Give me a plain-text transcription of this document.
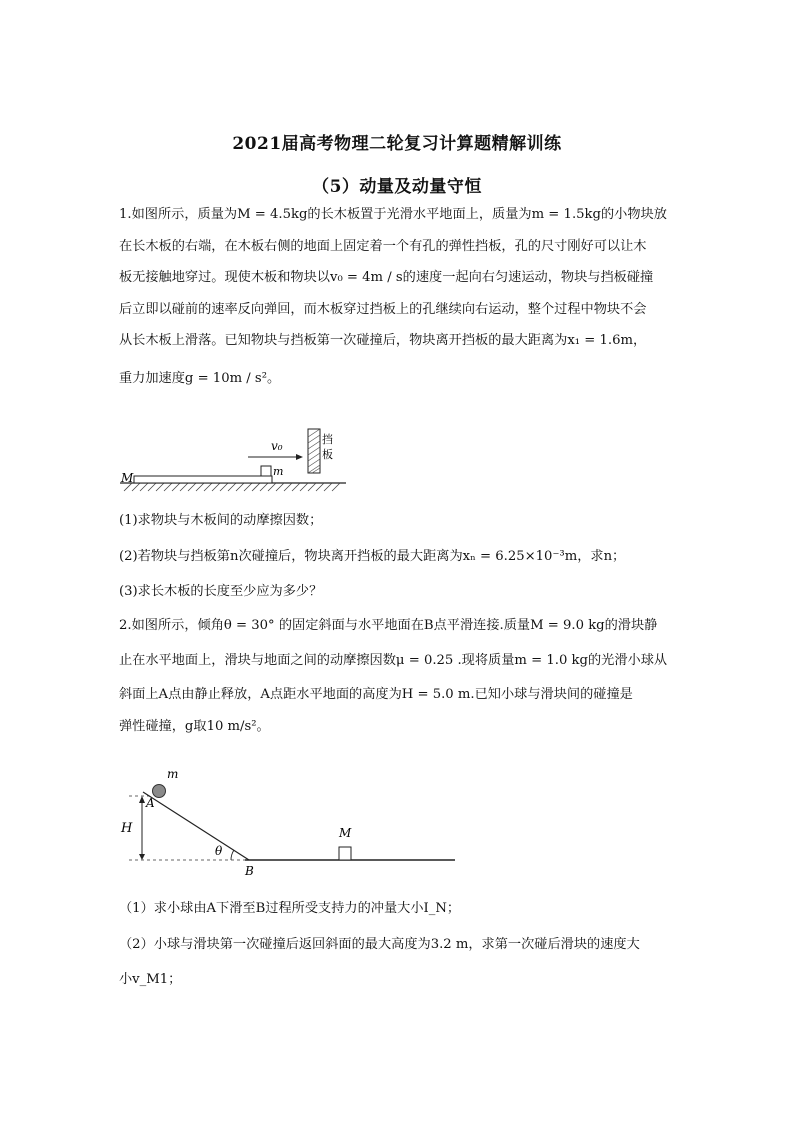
2021届高考物理二轮复习计算题精解训练
（5）动量及动量守恒

1.如图所示，质量为M = 4.5kg的长木板置于光滑水平地面上，质量为m = 1.5kg的小物块放

在长木板的右端，在木板右侧的地面上固定着一个有孔的弹性挡板，孔的尺寸刚好可以让木

板无接触地穿过。现使木板和物块以v₀ = 4m / s的速度一起向右匀速运动，物块与挡板碰撞

后立即以碰前的速率反向弹回，而木板穿过挡板上的孔继续向右运动，整个过程中物块不会

从长木板上滑落。已知物块与挡板第一次碰撞后，物块离开挡板的最大距离为x₁ = 1.6m，

重力加速度g = 10m / s²。

v₀
m
M
挡
板
(1)求物块与木板间的动摩擦因数；
(2)若物块与挡板第n次碰撞后，物块离开挡板的最大距离为xₙ = 6.25×10⁻³m，求n；
(3)求长木板的长度至少应为多少？

2.如图所示，倾角θ = 30° 的固定斜面与水平地面在B点平滑连接.质量M = 9.0 kg的滑块静

止在水平地面上，滑块与地面之间的动摩擦因数μ = 0.25 .现将质量m = 1.0 kg的光滑小球从

斜面上A点由静止释放，A点距水平地面的高度为H = 5.0 m.已知小球与滑块间的碰撞是

弹性碰撞，g取10 m/s²。

m
A
H
θ
B
M
（1）求小球由A下滑至B过程所受支持力的冲量大小I_N；
（2）小球与滑块第一次碰撞后返回斜面的最大高度为3.2 m，求第一次碰后滑块的速度大
小v_M1；
